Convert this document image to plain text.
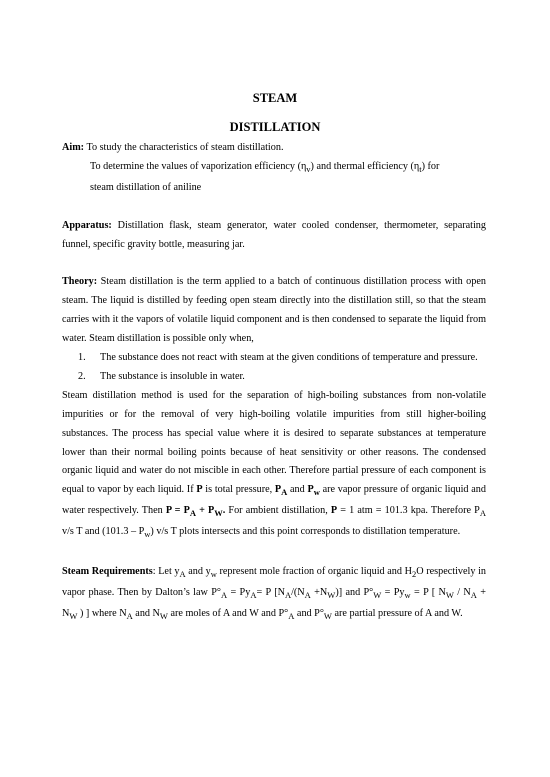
STEAM
DISTILLATION

Aim: To study the characteristics of steam distillation.

To determine the values of vaporization efficiency $(\eta_v)$ and thermal efficiency $(\eta_t)$ for
steam distillation of aniline

Apparatus: Distillation flask, steam generator, water cooled condenser, thermometer, separating funnel, specific gravity bottle, measuring jar.

Theory: Steam distillation is the term applied to a batch of continuous distillation process with open steam. The liquid is distilled by feeding open steam directly into the distillation still, so that the steam carries with it the vapors of volatile liquid component and is then condensed to separate the liquid from water. Steam distillation is possible only when,

1. The substance does not react with steam at the given conditions of temperature and pressure.
2. The substance is insoluble in water.

Steam distillation method is used for the separation of high-boiling substances from non-volatile impurities or for the removal of very high-boiling volatile impurities from still higher-boiling substances. The process has special value where it is desired to separate substances at temperature lower than their normal boiling points because of heat sensitivity or other reasons. The condensed organic liquid and water do not miscible in each other. Therefore partial pressure of each component is equal to vapor by each liquid. If P is total pressure, $P_A$ and $P_w$ are vapor pressure of organic liquid and water respectively. Then $P = P_A + P_W$. For ambient distillation, P = 1 atm = 101.3 kpa. Therefore $P_A$ v/s T and $(101.3 - P_w)$ v/s T plots intersects and this point corresponds to distillation temperature.

Steam Requirements: Let $y_A$ and $y_w$ represent mole fraction of organic liquid and $H_2O$ respectively in vapor phase. Then by Dalton’s law $P^\circ_A = Py_A= P$ $[N_A/(N_A +N_W)]$ and $P^\circ_W = Py_w = P$ [ $N_W / N_A + N_W$ ) ] where $N_A$ and $N_W$ are moles of A and W and $P^\circ_A$ and $P^\circ_W$ are partial pressure of A and W.
